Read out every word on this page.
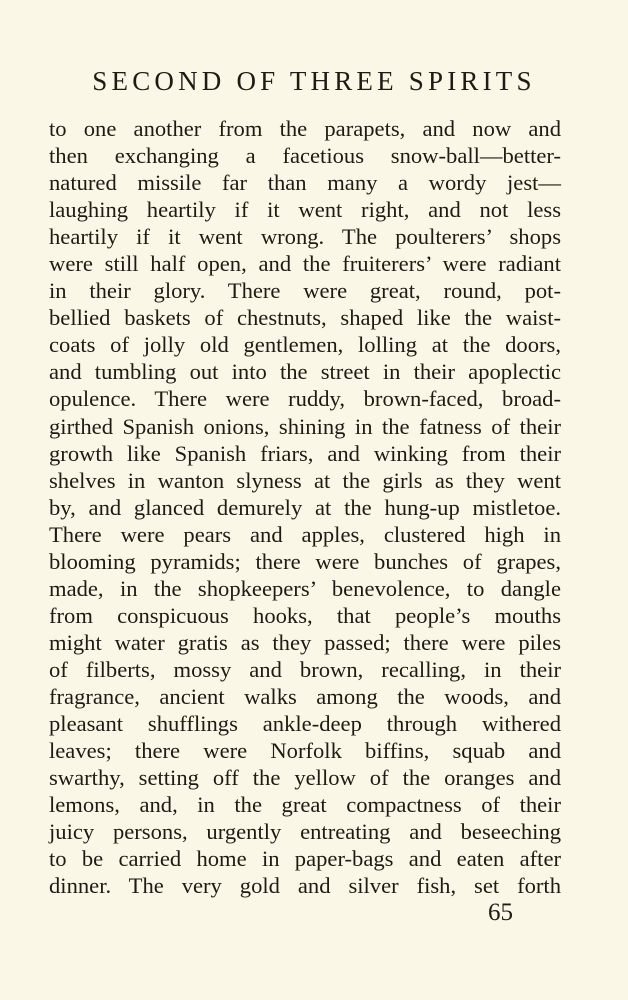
SECOND OF THREE SPIRITS
to one another from the parapets, and now and
then exchanging a facetious snow-ball—better-
natured missile far than many a wordy jest—
laughing heartily if it went right, and not less
heartily if it went wrong. The poulterers’ shops
were still half open, and the fruiterers’ were radiant
in their glory. There were great, round, pot-
bellied baskets of chestnuts, shaped like the waist-
coats of jolly old gentlemen, lolling at the doors,
and tumbling out into the street in their apoplectic
opulence. There were ruddy, brown-faced, broad-
girthed Spanish onions, shining in the fatness of their
growth like Spanish friars, and winking from their
shelves in wanton slyness at the girls as they went
by, and glanced demurely at the hung-up mistletoe.
There were pears and apples, clustered high in
blooming pyramids; there were bunches of grapes,
made, in the shopkeepers’ benevolence, to dangle
from conspicuous hooks, that people’s mouths
might water gratis as they passed; there were piles
of filberts, mossy and brown, recalling, in their
fragrance, ancient walks among the woods, and
pleasant shufflings ankle-deep through withered
leaves; there were Norfolk biffins, squab and
swarthy, setting off the yellow of the oranges and
lemons, and, in the great compactness of their
juicy persons, urgently entreating and beseeching
to be carried home in paper-bags and eaten after
dinner. The very gold and silver fish, set forth
65
